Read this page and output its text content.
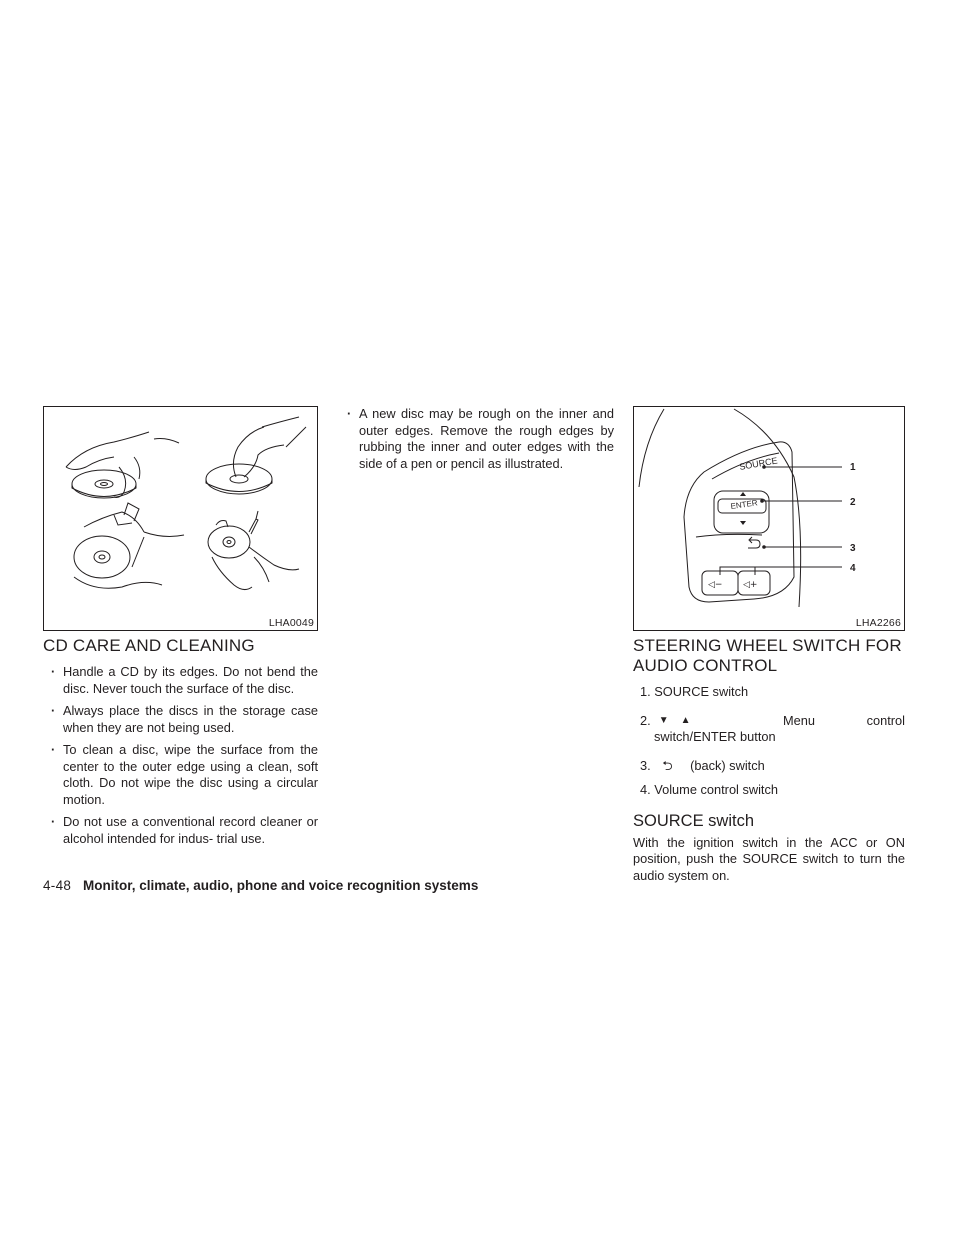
LHA0049
CD CARE AND CLEANING
· Handle a CD by its edges. Do not bend the disc. Never touch the surface of the disc.
· Always place the discs in the storage case when they are not being used.
· To clean a disc, wipe the surface from the center to the outer edge using a clean, soft cloth. Do not wipe the disc using a circular motion.
· Do not use a conventional record cleaner or alcohol intended for indus- trial use.
· A new disc may be rough on the inner and outer edges. Remove the rough edges by rubbing the inner and outer edges with the side of a pen or pencil as illustrated.
◁− ◁+
SOURCE
ENTER
1
2
3
4
LHA2266
STEERING WHEEL SWITCH FOR
AUDIO CONTROL
1. SOURCE switch
2. ▼ ▲	Menu control
switch/ENTER button
3. ⮌ (back) switch
4. Volume control switch
SOURCE switch

With the ignition switch in the ACC or ON position, push the SOURCE switch to turn the audio system on.

4-48 Monitor, climate, audio, phone and voice recognition systems
